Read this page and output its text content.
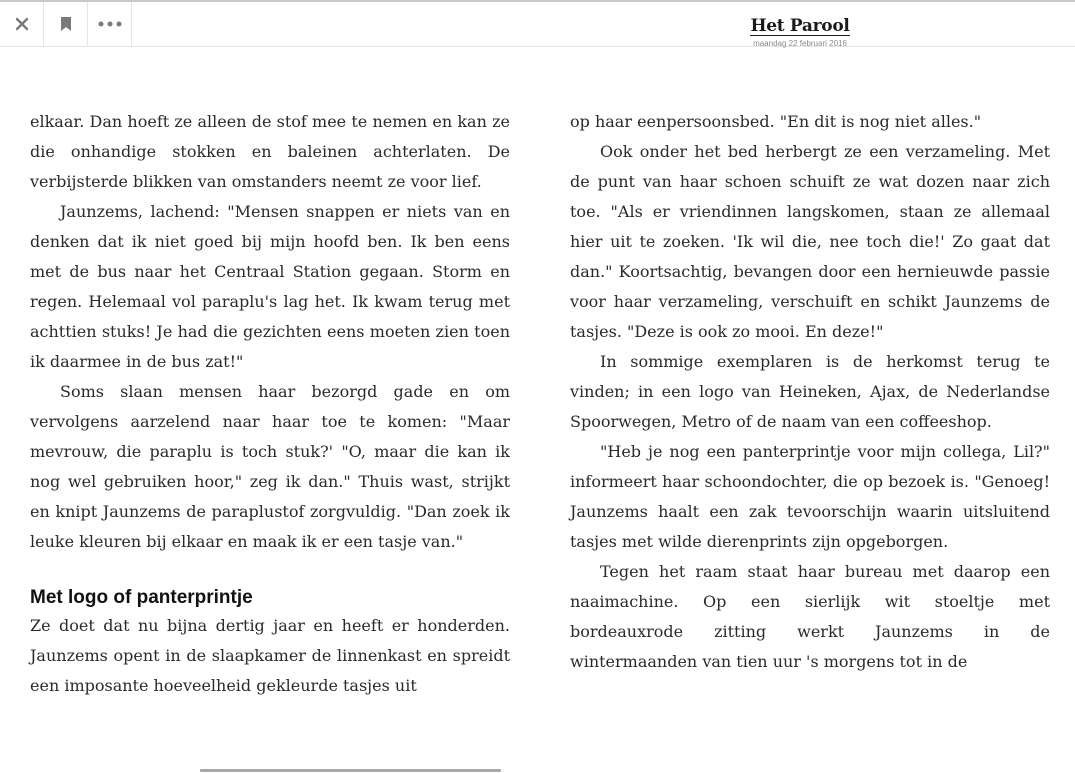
Het Parool
maandag 22 februari 2016

elkaar. Dan hoeft ze alleen de stof mee te nemen en kan ze die onhandige stokken en baleinen achterlaten. De verbijsterde blikken van omstanders neemt ze voor lief.

Jaunzems, lachend: "Mensen snappen er niets van en denken dat ik niet goed bij mijn hoofd ben. Ik ben eens met de bus naar het Centraal Station gegaan. Storm en regen. Helemaal vol paraplu's lag het. Ik kwam terug met achttien stuks! Je had die gezichten eens moeten zien toen ik daarmee in de bus zat!"

Soms slaan mensen haar bezorgd gade en om vervolgens aarzelend naar haar toe te komen: "Maar mevrouw, die paraplu is toch stuk?' "O, maar die kan ik nog wel gebruiken hoor," zeg ik dan." Thuis wast, strijkt en knipt Jaunzems de paraplustof zorgvuldig. "Dan zoek ik leuke kleuren bij elkaar en maak ik er een tasje van."

Met logo of panterprintje

Ze doet dat nu bijna dertig jaar en heeft er honderden. Jaunzems opent in de slaapkamer de linnenkast en spreidt een imposante hoeveelheid gekleurde tasjes uit

op haar eenpersoonsbed. "En dit is nog niet alles."

Ook onder het bed herbergt ze een verzameling. Met de punt van haar schoen schuift ze wat dozen naar zich toe. "Als er vriendinnen langskomen, staan ze allemaal hier uit te zoeken. 'Ik wil die, nee toch die!' Zo gaat dat dan." Koortsachtig, bevangen door een hernieuwde passie voor haar verzameling, verschuift en schikt Jaunzems de tasjes. "Deze is ook zo mooi. En deze!"

In sommige exemplaren is de herkomst terug te vinden; in een logo van Heineken, Ajax, de Nederlandse Spoorwegen, Metro of de naam van een coffeeshop.

"Heb je nog een panterprintje voor mijn collega, Lil?" informeert haar schoondochter, die op bezoek is. "Genoeg! Jaunzems haalt een zak tevoorschijn waarin uitsluitend tasjes met wilde dierenprints zijn opgeborgen.

Tegen het raam staat haar bureau met daarop een naaimachine. Op een sierlijk wit stoeltje met bordeauxrode zitting werkt Jaunzems in de wintermaanden van tien uur 's morgens tot in de
